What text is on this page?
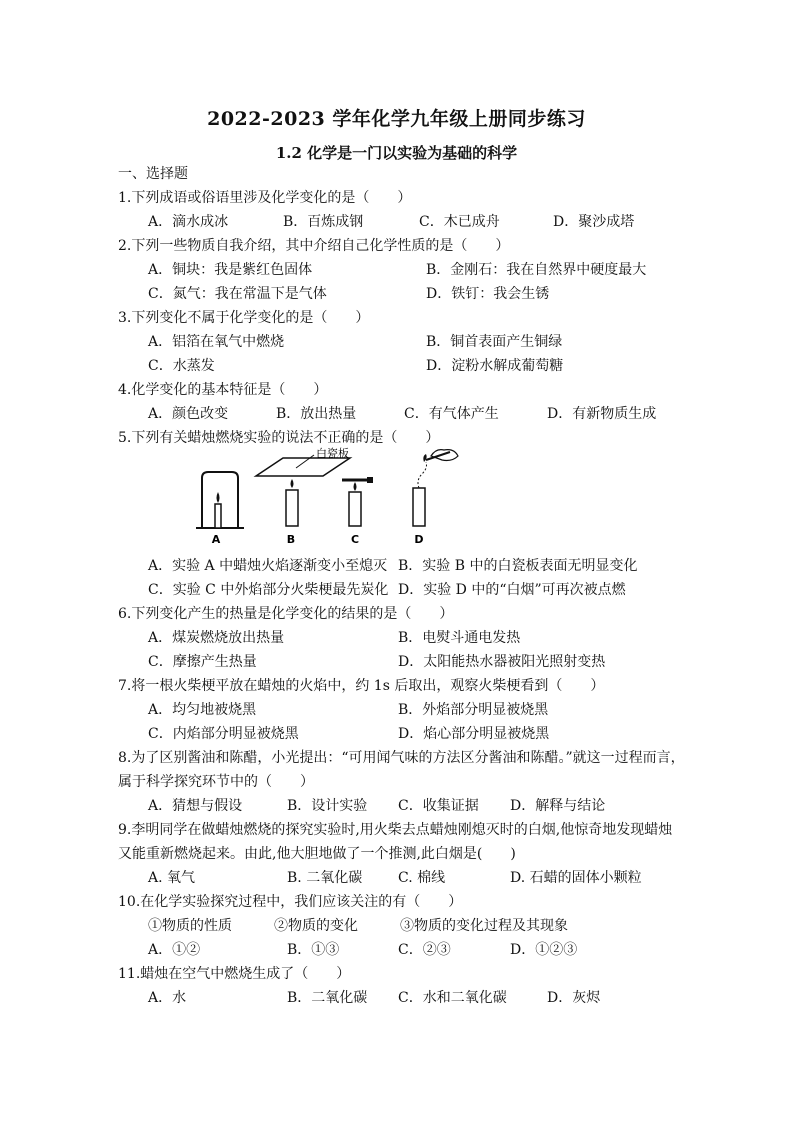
2022-2023 学年化学九年级上册同步练习
1.2 化学是一门以实验为基础的科学
一、选择题
1.下列成语或俗语里涉及化学变化的是（　　）
A．滴水成冰	B．百炼成钢	C．木已成舟	D．聚沙成塔
2.下列一些物质自我介绍，其中介绍自己化学性质的是（　　）
A．铜块：我是紫红色固体	B．金刚石：我在自然界中硬度最大
C．氮气：我在常温下是气体	D．铁钉：我会生锈
3.下列变化不属于化学变化的是（　　）
A．铝箔在氧气中燃烧	B．铜首表面产生铜绿
C．水蒸发	D．淀粉水解成葡萄糖
4.化学变化的基本特征是（　　）
A．颜色改变	B．放出热量	C．有气体产生	D．有新物质生成
5.下列有关蜡烛燃烧实验的说法不正确的是（　　）
A
白瓷板
B	C	D
A．实验 A 中蜡烛火焰逐渐变小至熄灭 B．实验 B 中的白瓷板表面无明显变化
C．实验 C 中外焰部分火柴梗最先炭化 D．实验 D 中的“白烟”可再次被点燃
6.下列变化产生的热量是化学变化的结果的是（　　）
A．煤炭燃烧放出热量	B．电熨斗通电发热
C．摩擦产生热量	D．太阳能热水器被阳光照射变热
7.将一根火柴梗平放在蜡烛的火焰中，约 1s 后取出，观察火柴梗看到（　　）
A．均匀地被烧黑	B．外焰部分明显被烧黑
C．内焰部分明显被烧黑	D．焰心部分明显被烧黑
8.为了区别酱油和陈醋，小光提出：“可用闻气味的方法区分酱油和陈醋。”就这一过程而言，
属于科学探究环节中的（　　）
A．猜想与假设	B．设计实验 C．收集证据 D．解释与结论
9.李明同学在做蜡烛燃烧的探究实验时,用火柴去点蜡烛刚熄灭时的白烟,他惊奇地发现蜡烛
又能重新燃烧起来。由此,他大胆地做了一个推测,此白烟是(　　)
A. 氧气	B. 二氧化碳	C. 棉线	D. 石蜡的固体小颗粒
10.在化学实验探究过程中，我们应该关注的有（　　）
①物质的性质　　　②物质的变化　　　③物质的变化过程及其现象
A．①②	B．①③	C．②③	D．①②③
11.蜡烛在空气中燃烧生成了（　　）
A．水	B．二氧化碳 C．水和二氧化碳	D．灰烬
